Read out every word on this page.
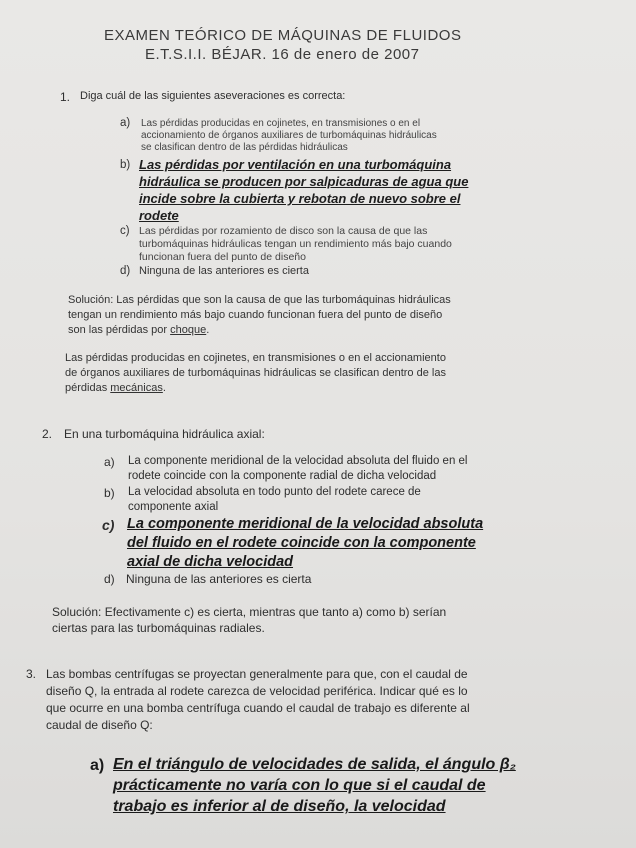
EXAMEN TEÓRICO DE MÁQUINAS DE FLUIDOS
E.T.S.I.I. BÉJAR. 16 de enero de 2007
1. Diga cuál de las siguientes aseveraciones es correcta:
a) Las pérdidas producidas en cojinetes, en transmisiones o en el
accionamiento de órganos auxiliares de turbomáquinas hidráulicas
se clasifican dentro de las pérdidas hidráulicas
b) Las pérdidas por ventilación en una turbomáquina
hidráulica se producen por salpicaduras de agua que
incide sobre la cubierta y rebotan de nuevo sobre el
rodete
c) Las pérdidas por rozamiento de disco son la causa de que las
turbomáquinas hidráulicas tengan un rendimiento más bajo cuando
funcionan fuera del punto de diseño
d) Ninguna de las anteriores es cierta
Solución: Las pérdidas que son la causa de que las turbomáquinas hidráulicas
tengan un rendimiento más bajo cuando funcionan fuera del punto de diseño
son las pérdidas por choque.
Las pérdidas producidas en cojinetes, en transmisiones o en el accionamiento
de órganos auxiliares de turbomáquinas hidráulicas se clasifican dentro de las
pérdidas mecánicas.
2. En una turbomáquina hidráulica axial:
a) La componente meridional de la velocidad absoluta del fluido en el
rodete coincide con la componente radial de dicha velocidad
b) La velocidad absoluta en todo punto del rodete carece de
componente axial
c) La componente meridional de la velocidad absoluta
del fluido en el rodete coincide con la componente
axial de dicha velocidad
d) Ninguna de las anteriores es cierta
Solución: Efectivamente c) es cierta, mientras que tanto a) como b) serían
ciertas para las turbomáquinas radiales.
3. Las bombas centrífugas se proyectan generalmente para que, con el caudal de
diseño Q, la entrada al rodete carezca de velocidad periférica. Indicar qué es lo
que ocurre en una bomba centrífuga cuando el caudal de trabajo es diferente al
caudal de diseño Q:
a) En el triángulo de velocidades de salida, el ángulo β₂
prácticamente no varía con lo que si el caudal de
trabajo es inferior al de diseño, la velocidad
